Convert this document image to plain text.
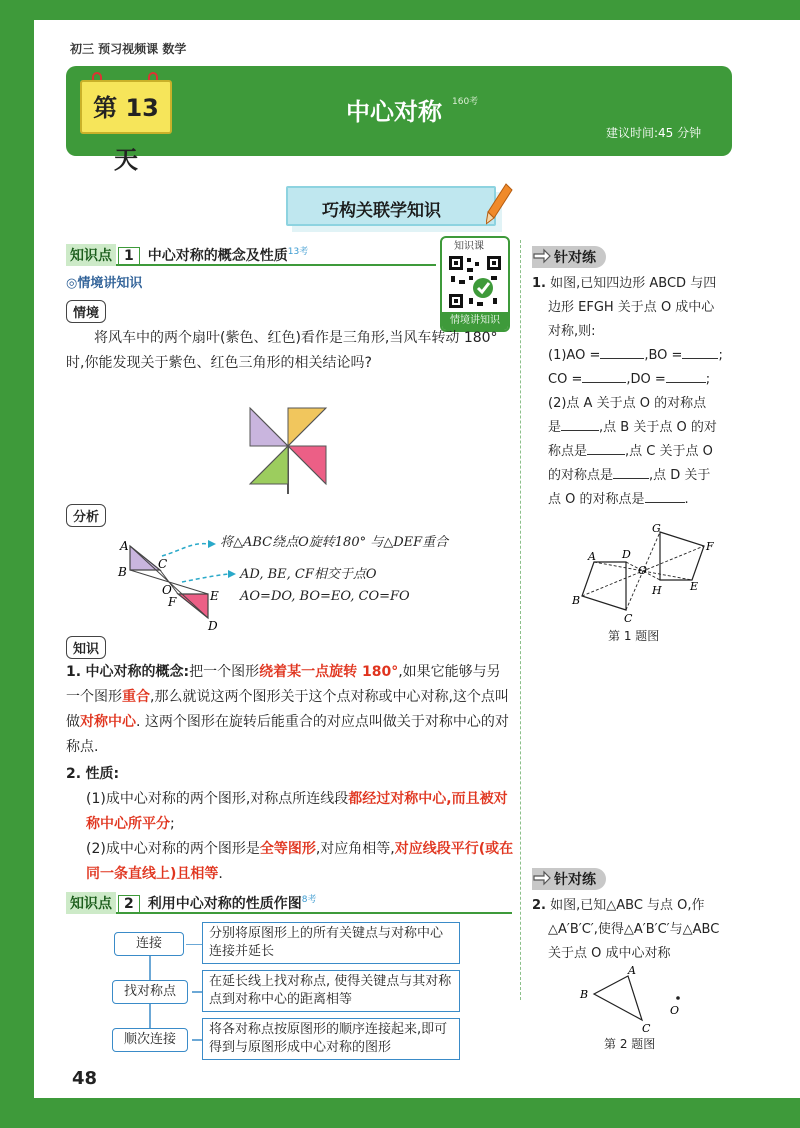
初三 预习视频课 数学
第 13 天
中心对称 160考
建议时间:45 分钟
巧构关联学知识
知识点 1 中心对称的概念及性质$^{13考}$
◎情境讲知识
知识课
情境讲知识
情境
将风车中的两个扇叶(紫色、红色)看作是三角形,当风车转动 180°时,你能发现关于紫色、红色三角形的相关结论吗?
分析
A
B
C
O
F	E
D
将△ABC绕点O旋转180° 与△DEF重合
AD, BE, CF相交于点O
AO=DO, BO=EO, CO=FO
知识
1. 中心对称的概念:把一个图形绕着某一点旋转 180°,如果它能够与另一个图形重合,那么就说这两个图形关于这个点对称或中心对称,这个点叫做对称中心. 这两个图形在旋转后能重合的对应点叫做关于对称中心的对称点.
2. 性质:
(1)成中心对称的两个图形,对称点所连线段都经过对称中心,而且被对称中心所平分;
(2)成中心对称的两个图形是全等图形,对应角相等,对应线段平行(或在同一条直线上)且相等.
知识点 2 利用中心对称的性质作图$^{8考}$
连接
分别将原图形上的所有关键点与对称中心连接并延长
找对称点
在延长线上找对称点, 使得关键点与其对称点到对称中心的距离相等
顺次连接
将各对称点按原图形的顺序连接起来,即可得到与原图形成中心对称的图形
针对练
1. 如图,已知四边形 ABCD 与四
边形 EFGH 关于点 O 成中心
对称,则:
(1)AO =	,BO =	;
CO =	,DO =	;
(2)点 A 关于点 O 的对称点
是	,点 B 关于点 O 的对
称点是	,点 C 关于点 O
的对称点是	,点 D 关于
点 O 的对称点是	.
A
B
C
D
E
F
G
H
O
第 1 题图
针对练
2. 如图,已知△ABC 与点 O,作
△A′B′C′,使得△A′B′C′与△ABC
关于点 O 成中心对称
A
B
C
O
第 2 题图
48
